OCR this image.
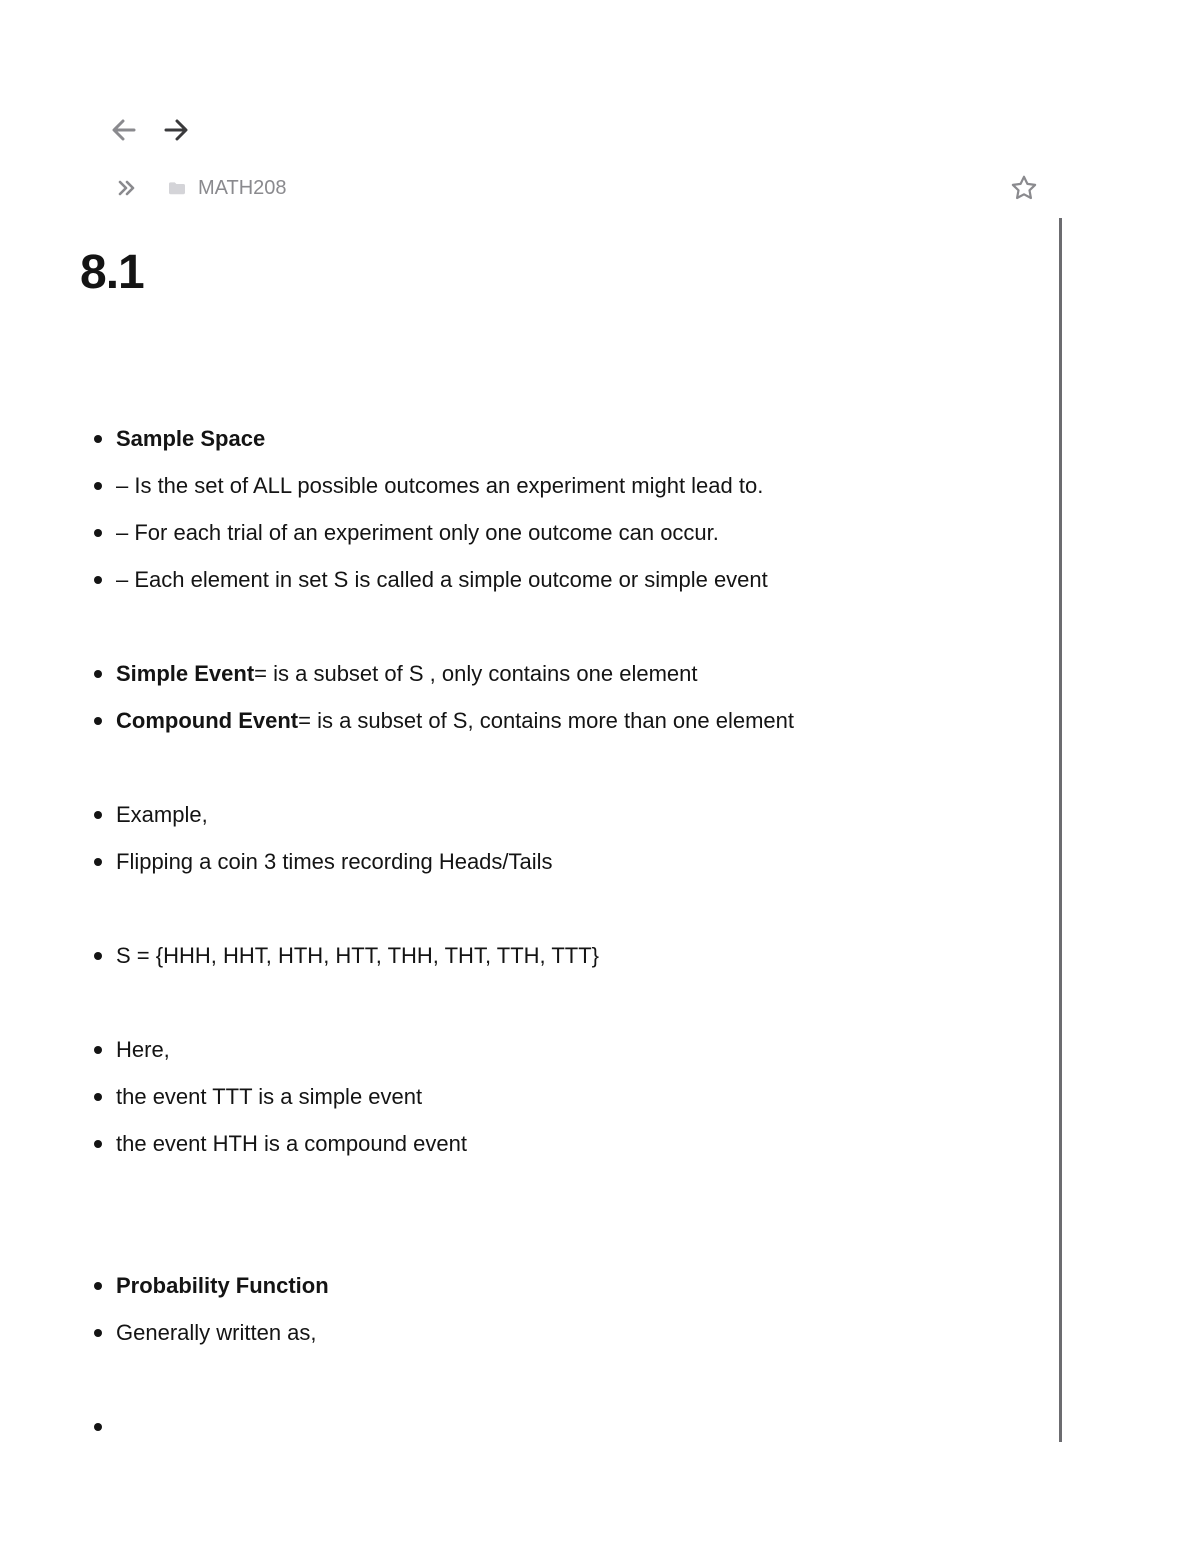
MATH208
8.1
Sample Space
– Is the set of ALL possible outcomes an experiment might lead to.
– For each trial of an experiment only one outcome can occur.
– Each element in set S is called a simple outcome or simple event
Simple Event = is a subset of S , only contains one element
Compound Event = is a subset of S, contains more than one element
Example,
Flipping a coin 3 times recording Heads/Tails
S = {HHH, HHT, HTH, HTT, THH, THT, TTH, TTT}
Here,
the event TTT is a simple event
the event HTH is a compound event
Probability Function
Generally written as,
